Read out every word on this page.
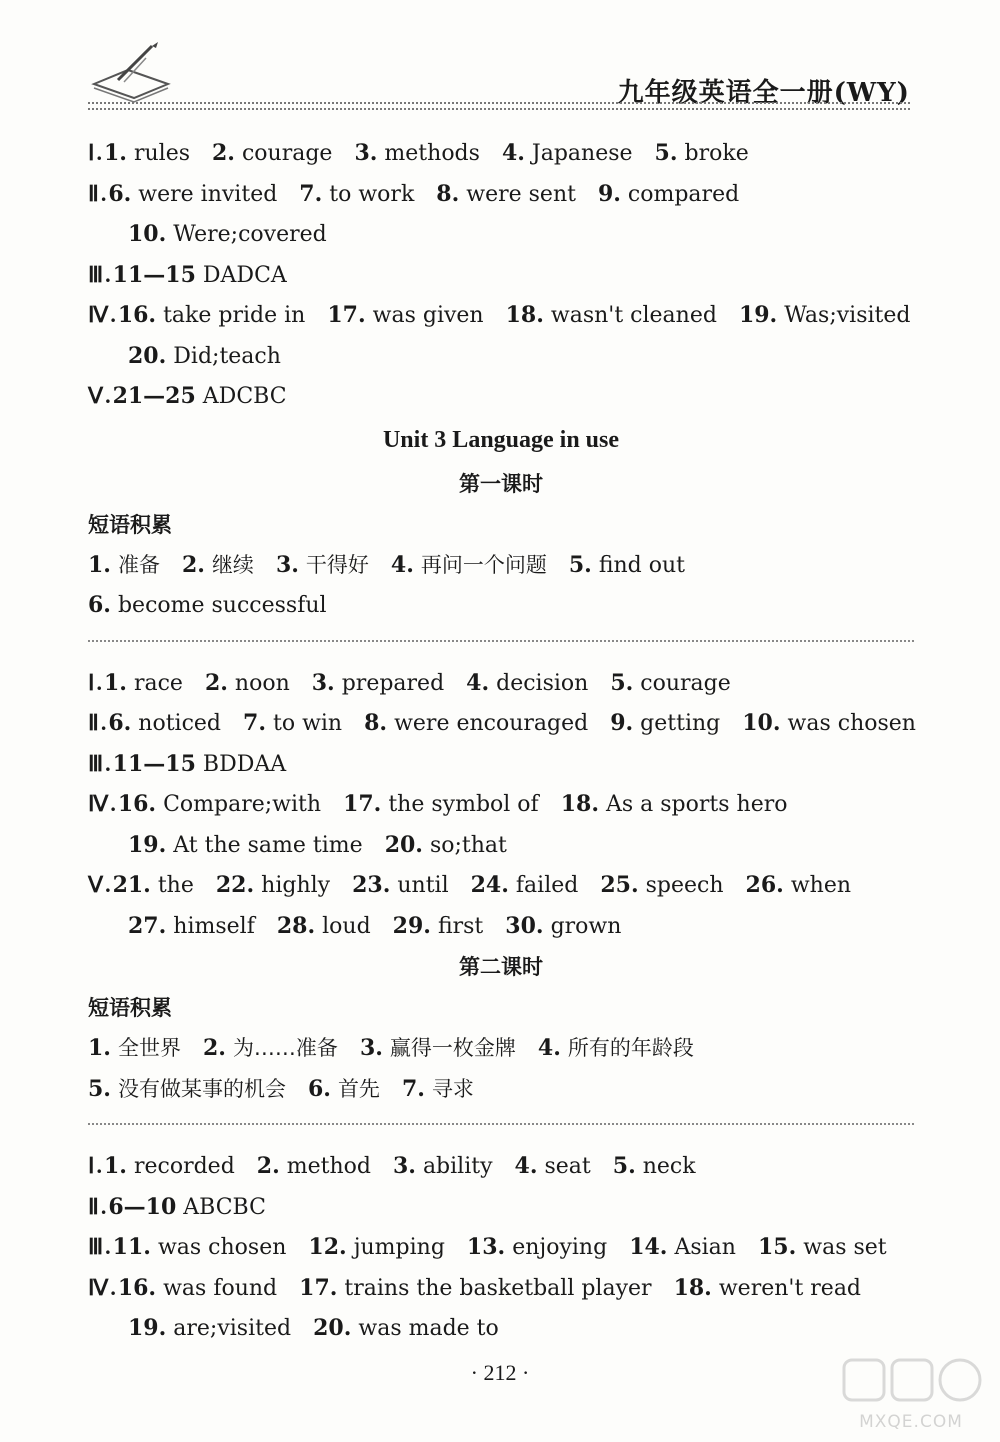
九年级英语全一册(WY)
Ⅰ.1. rules 2. courage 3. methods 4. Japanese 5. broke
Ⅱ.6. were invited 7. to work 8. were sent 9. compared
10. Were;covered
Ⅲ.11—15 DADCA
Ⅳ.16. take pride in 17. was given 18. wasn't cleaned 19. Was;visited
20. Did;teach
Ⅴ.21—25 ADCBC
Unit 3 Language in use
第一课时
短语积累
1. 准备 2. 继续 3. 干得好 4. 再问一个问题 5. find out
6. become successful
Ⅰ.1. race 2. noon 3. prepared 4. decision 5. courage
Ⅱ.6. noticed 7. to win 8. were encouraged 9. getting 10. was chosen
Ⅲ.11—15 BDDAA
Ⅳ.16. Compare;with 17. the symbol of 18. As a sports hero
19. At the same time 20. so;that
Ⅴ.21. the 22. highly 23. until 24. failed 25. speech 26. when
27. himself 28. loud 29. first 30. grown
第二课时
短语积累
1. 全世界 2. 为……准备 3. 赢得一枚金牌 4. 所有的年龄段
5. 没有做某事的机会 6. 首先 7. 寻求
Ⅰ.1. recorded 2. method 3. ability 4. seat 5. neck
Ⅱ.6—10 ABCBC
Ⅲ.11. was chosen 12. jumping 13. enjoying 14. Asian 15. was set
Ⅳ.16. was found 17. trains the basketball player 18. weren't read
19. are;visited 20. was made to
· 212 ·
MXQE.COM
